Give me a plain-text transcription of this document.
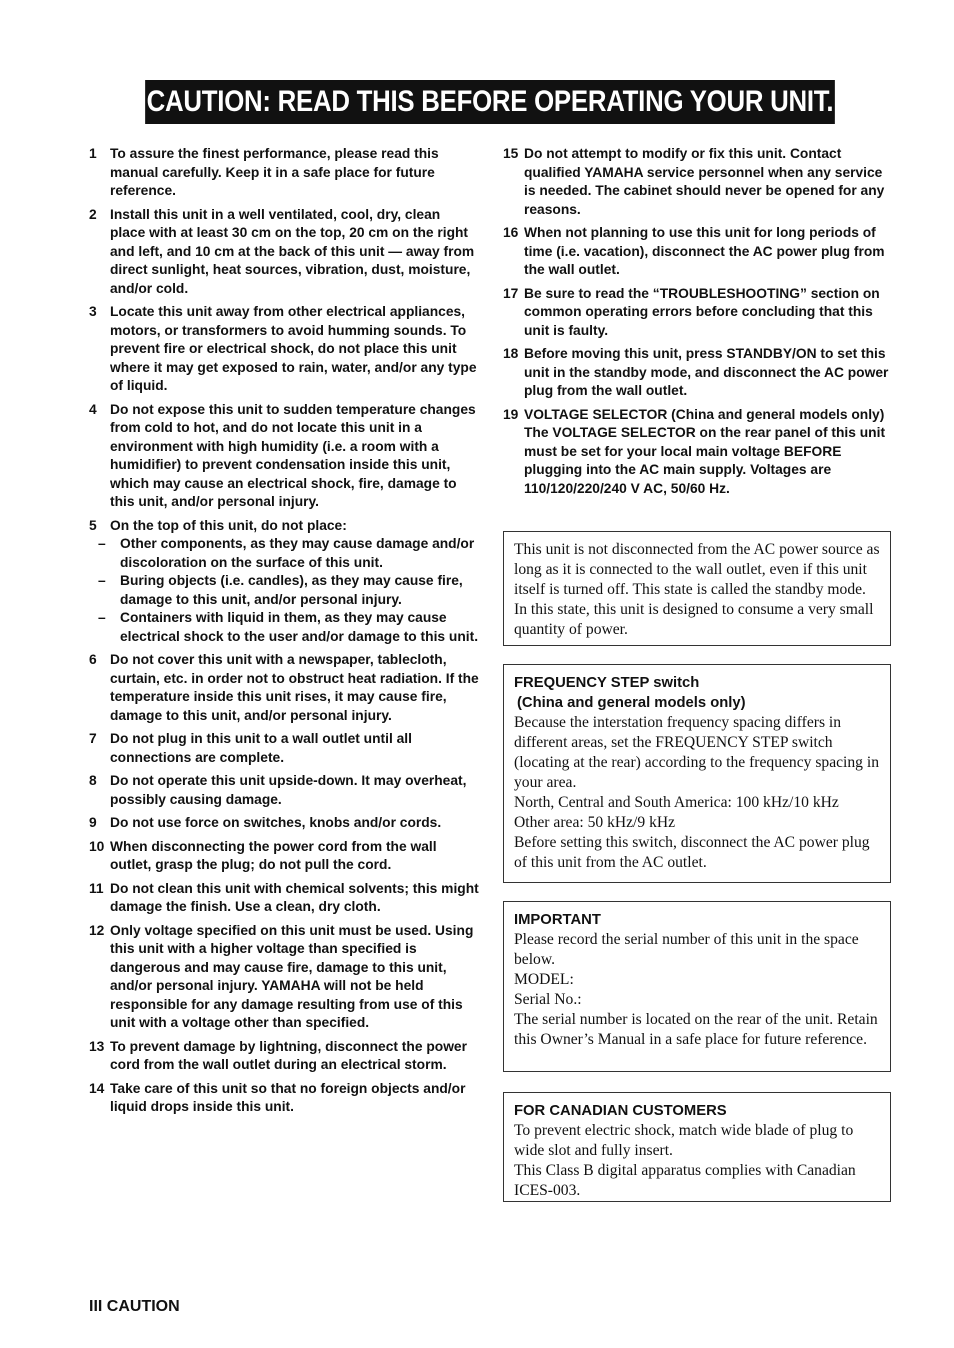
CAUTION: READ THIS BEFORE OPERATING YOUR UNIT.
1 To assure the finest performance, please read this manual carefully. Keep it in a safe place for future reference.
2 Install this unit in a well ventilated, cool, dry, clean place with at least 30 cm on the top, 20 cm on the right and left, and 10 cm at the back of this unit — away from direct sunlight, heat sources, vibration, dust, moisture, and/or cold.
3 Locate this unit away from other electrical appliances, motors, or transformers to avoid humming sounds. To prevent fire or electrical shock, do not place this unit where it may get exposed to rain, water, and/or any type of liquid.
4 Do not expose this unit to sudden temperature changes from cold to hot, and do not locate this unit in a environment with high humidity (i.e. a room with a humidifier) to prevent condensation inside this unit, which may cause an electrical shock, fire, damage to this unit, and/or personal injury.
5 On the top of this unit, do not place:
–	Other components, as they may cause damage and/or discoloration on the surface of this unit.
–	Buring objects (i.e. candles), as they may cause fire, damage to this unit, and/or personal injury.
–	Containers with liquid in them, as they may cause electrical shock to the user and/or damage to this unit.
6 Do not cover this unit with a newspaper, tablecloth, curtain, etc. in order not to obstruct heat radiation. If the temperature inside this unit rises, it may cause fire, damage to this unit, and/or personal injury.
7 Do not plug in this unit to a wall outlet until all connections are complete.
8 Do not operate this unit upside-down. It may overheat, possibly causing damage.
9 Do not use force on switches, knobs and/or cords.
10 When disconnecting the power cord from the wall outlet, grasp the plug; do not pull the cord.
11 Do not clean this unit with chemical solvents; this might damage the finish. Use a clean, dry cloth.
12 Only voltage specified on this unit must be used. Using this unit with a higher voltage than specified is dangerous and may cause fire, damage to this unit, and/or personal injury. YAMAHA will not be held responsible for any damage resulting from use of this unit with a voltage other than specified.
13 To prevent damage by lightning, disconnect the power cord from the wall outlet during an electrical storm.
14 Take care of this unit so that no foreign objects and/or liquid drops inside this unit.
15 Do not attempt to modify or fix this unit. Contact qualified YAMAHA service personnel when any service is needed. The cabinet should never be opened for any reasons.
16 When not planning to use this unit for long periods of time (i.e. vacation), disconnect the AC power plug from the wall outlet.
17 Be sure to read the “TROUBLESHOOTING” section on common operating errors before concluding that this unit is faulty.
18 Before moving this unit, press STANDBY/ON to set this unit in the standby mode, and disconnect the AC power plug from the wall outlet.
19 VOLTAGE SELECTOR (China and general models only)
The VOLTAGE SELECTOR on the rear panel of this unit must be set for your local main voltage BEFORE plugging into the AC main supply. Voltages are 110/120/220/240 V AC, 50/60 Hz.
This unit is not disconnected from the AC power source as long as it is connected to the wall outlet, even if this unit itself is turned off. This state is called the standby mode. In this state, this unit is designed to consume a very small quantity of power.
FREQUENCY STEP switch
(China and general models only)
Because the interstation frequency spacing differs in different areas, set the FREQUENCY STEP switch (locating at the rear) according to the frequency spacing in your area.
North, Central and South America: 100 kHz/10 kHz
Other area: 50 kHz/9 kHz
Before setting this switch, disconnect the AC power plug of this unit from the AC outlet.
IMPORTANT
Please record the serial number of this unit in the space below.
MODEL:
Serial No.:
The serial number is located on the rear of the unit. Retain this Owner’s Manual in a safe place for future reference.
FOR CANADIAN CUSTOMERS
To prevent electric shock, match wide blade of plug to wide slot and fully insert.
This Class B digital apparatus complies with Canadian ICES-003.
III CAUTION
